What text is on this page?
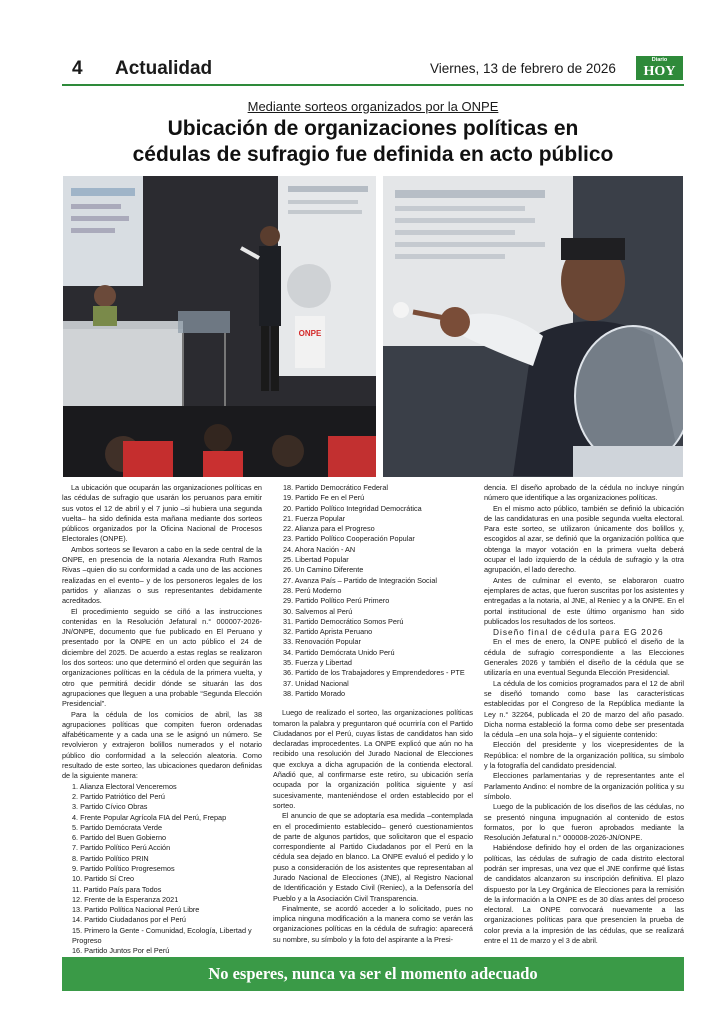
4 Actualidad	Viernes, 13 de febrero de 2026
Diario
HOY
Mediante sorteos organizados por la ONPE
Ubicación de organizaciones políticas en
cédulas de sufragio fue definida en acto público
ONPE

La ubicación que ocuparán las organizaciones políticas en las cédulas de sufragio que usarán los peruanos para emitir sus votos el 12 de abril y el 7 junio –si hubiera una segunda vuelta– ha sido definida esta mañana mediante dos sorteos públicos organizados por la Oficina Nacional de Procesos Electorales (ONPE).

Ambos sorteos se llevaron a cabo en la sede central de la ONPE, en presencia de la notaria Alexandra Ruth Ramos Rivas –quien dio su conformidad a cada uno de las acciones realizadas en el evento– y de los personeros legales de los partidos y alianzas o sus representantes debidamente acreditados.

El procedimiento seguido se ciñó a las instrucciones contenidas en la Resolución Jefatural n.° 000007-2026-JN/ONPE, documento que fue publicado en El Peruano y presentado por la ONPE en un acto público el 24 de diciembre del 2025. De acuerdo a estas reglas se realizaron los dos sorteos: uno que determinó el orden que seguirán las organizaciones políticas en la cédula de la primera vuelta, y otro que permitirá decidir dónde se situarán las dos agrupaciones que lleguen a una probable “Segunda Elección Presidencial”.

Para la cédula de los comicios de abril, las 38 agrupaciones políticas que compiten fueron ordenadas alfabéticamente y a cada una se le asignó un número. Se revolvieron y extrajeron bolillos numerados y el notario público dio conformidad a la selección aleatoria. Como resultado de este sorteo, las ubicaciones quedaron definidas de la siguiente manera:

1. Alianza Electoral Venceremos
2. Partido Patriótico del Perú
3. Partido Cívico Obras
4. Frente Popular Agrícola FIA del Perú, Frepap
5. Partido Demócrata Verde
6. Partido del Buen Gobierno
7. Partido Político Perú Acción
8. Partido Político PRIN
9. Partido Político Progresemos
10. Partido Sí Creo
11. Partido País para Todos
12. Frente de la Esperanza 2021
13. Partido Política Nacional Perú Libre
14. Partido Ciudadanos por el Perú
15. Primero la Gente - Comunidad, Ecología, Libertad y Progreso
16. Partido Juntos Por el Perú
18. Partido Democrático Federal
19. Partido Fe en el Perú
20. Partido Político Integridad Democrática
21. Fuerza Popular
22. Alianza para el Progreso
23. Partido Político Cooperación Popular
24. Ahora Nación - AN
25. Libertad Popular
26. Un Camino Diferente
27. Avanza País – Partido de Integración Social
28. Perú Moderno
29. Partido Político Perú Primero
30. Salvemos al Perú
31. Partido Democrático Somos Perú
32. Partido Aprista Peruano
33. Renovación Popular
34. Partido Demócrata Unido Perú
35. Fuerza y Libertad
36. Partido de los Trabajadores y Emprendedores - PTE
37. Unidad Nacional
38. Partido Morado

Luego de realizado el sorteo, las organizaciones políticas tomaron la palabra y preguntaron qué ocurriría con el Partido Ciudadanos por el Perú, cuyas listas de candidatos han sido declaradas improcedentes. La ONPE explicó que aún no ha recibido una resolución del Jurado Nacional de Elecciones que excluya a dicha agrupación de la contienda electoral. Añadió que, al confirmarse este retiro, su ubicación sería ocupada por la organización política siguiente y así sucesivamente, manteniéndose el orden establecido por el sorteo.

El anuncio de que se adoptaría esa medida –contemplada en el procedimiento establecido– generó cuestionamientos de parte de algunos partidos, que solicitaron que el espacio correspondiente al Partido Ciudadanos por el Perú en la cédula sea dejado en blanco. La ONPE evaluó el pedido y lo puso a consideración de los asistentes que representaban al Jurado Nacional de Elecciones (JNE), al Registro Nacional de Identificación y Estado Civil (Reniec), a la Defensoría del Pueblo y a la Asociación Civil Transparencia.

Finalmente, se acordó acceder a lo solicitado, pues no implica ninguna modificación a la manera como se verán las organizaciones políticas en la cédula de sufragio: aparecerá su nombre, su símbolo y la foto del aspirante a la Presi-

dencia. El diseño aprobado de la cédula no incluye ningún número que identifique a las organizaciones políticas.

En el mismo acto público, también se definió la ubicación de las candidaturas en una posible segunda vuelta electoral. Para este sorteo, se utilizaron únicamente dos bolillos y, escogidos al azar, se definió que la organización política que obtenga la mayor votación en la primera vuelta deberá ocupar el lado izquierdo de la cédula de sufragio y la otra agrupación, el lado derecho.

Antes de culminar el evento, se elaboraron cuatro ejemplares de actas, que fueron suscritas por los asistentes y entregadas a la notaria, al JNE, al Reniec y a la ONPE. En el portal institucional de este último organismo han sido publicados los resultados de los sorteos.

Diseño final de cédula para EG 2026

En el mes de enero, la ONPE publicó el diseño de la cédula de sufragio correspondiente a las Elecciones Generales 2026 y también el diseño de la cédula que se utilizaría en una eventual Segunda Elección Presidencial.

La cédula de los comicios programados para el 12 de abril se diseñó tomando como base las características establecidas por el Congreso de la República mediante la Ley n.° 32264, publicada el 20 de marzo del año pasado. Dicha norma estableció la forma como debe ser presentada la cédula –en una sola hoja– y el siguiente contenido:

Elección del presidente y los vicepresidentes de la República: el nombre de la organización política, su símbolo y la fotografía del candidato presidencial.

Elecciones parlamentarias y de representantes ante el Parlamento Andino: el nombre de la organización política y su símbolo.

Luego de la publicación de los diseños de las cédulas, no se presentó ninguna impugnación al contenido de estos formatos, por lo que fueron aprobados mediante la Resolución Jefatural n.° 000008-2026-JN/ONPE.

Habiéndose definido hoy el orden de las organizaciones políticas, las cédulas de sufragio de cada distrito electoral podrán ser impresas, una vez que el JNE confirme qué listas de candidatos alcanzaron su inscripción definitiva. El plazo dispuesto por la Ley Orgánica de Elecciones para la remisión de la información a la ONPE es de 30 días antes del proceso electoral. La ONPE convocará nuevamente a las organizaciones políticas para que presencien la prueba de color previa a la impresión de las cédulas, que se realizará entre el 11 de marzo y el 3 de abril.

No esperes, nunca va ser el momento adecuado
